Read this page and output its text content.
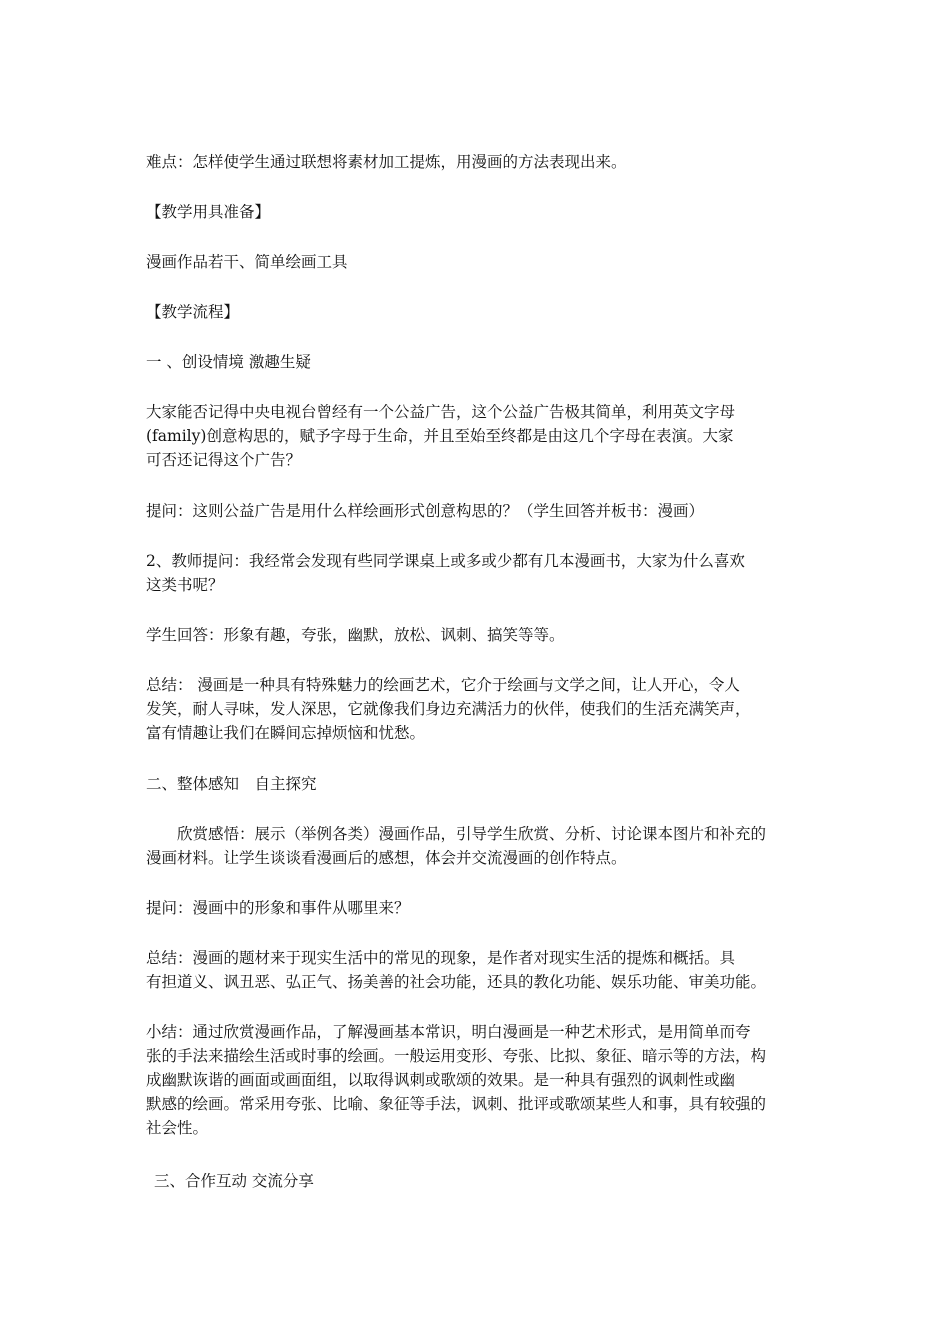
难点：怎样使学生通过联想将素材加工提炼，用漫画的方法表现出来。

【教学用具准备】

漫画作品若干、简单绘画工具

【教学流程】

一 、创设情境 激趣生疑

大家能否记得中央电视台曾经有一个公益广告，这个公益广告极其简单，利用英文字母
(family)创意构思的，赋予字母于生命，并且至始至终都是由这几个字母在表演。大家
可否还记得这个广告？

提问：这则公益广告是用什么样绘画形式创意构思的？（学生回答并板书：漫画）

2、教师提问：我经常会发现有些同学课桌上或多或少都有几本漫画书，大家为什么喜欢
这类书呢？

学生回答：形象有趣，夸张，幽默，放松、讽刺、搞笑等等。

总结： 漫画是一种具有特殊魅力的绘画艺术，它介于绘画与文学之间，让人开心，令人
发笑，耐人寻味，发人深思，它就像我们身边充满活力的伙伴，使我们的生活充满笑声，
富有情趣让我们在瞬间忘掉烦恼和忧愁。

二、整体感知　自主探究

欣赏感悟：展示（举例各类）漫画作品，引导学生欣赏、分析、讨论课本图片和补充的
漫画材料。让学生谈谈看漫画后的感想，体会并交流漫画的创作特点。

提问：漫画中的形象和事件从哪里来？

总结：漫画的题材来于现实生活中的常见的现象，是作者对现实生活的提炼和概括。具
有担道义、讽丑恶、弘正气、扬美善的社会功能，还具的教化功能、娱乐功能、审美功能。

小结：通过欣赏漫画作品，了解漫画基本常识，明白漫画是一种艺术形式，是用简单而夸
张的手法来描绘生活或时事的绘画。一般运用变形、夸张、比拟、象征、暗示等的方法，构
成幽默诙谐的画面或画面组，以取得讽刺或歌颂的效果。是一种具有强烈的讽刺性或幽
默感的绘画。常采用夸张、比喻、象征等手法，讽刺、批评或歌颂某些人和事，具有较强的
社会性。

三、合作互动 交流分享
